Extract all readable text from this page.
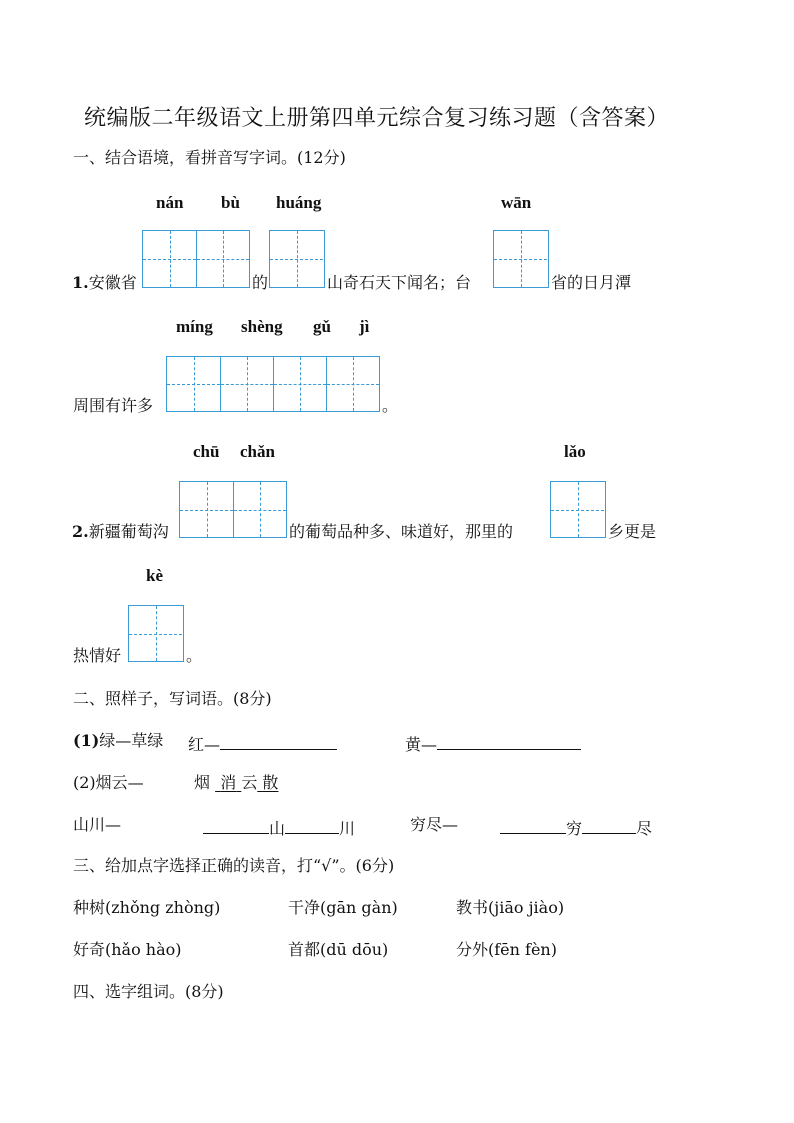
统编版二年级语文上册第四单元综合复习练习题（含答案）
一、结合语境，看拼音写字词。(12分)
nán bù huáng	wān
1.安徽省	的	山奇石天下闻名；台	省的日月潭
míng shèng gǔ jì
周围有许多	。
chū chǎn	lǎo
2.新疆葡萄沟	的葡萄品种多、味道好，那里的	乡更是
kè
热情好	。
二、照样子，写词语。(8分)
(1)绿—草绿 红—	黄—
(2)烟云—	烟 消 云 散
山川—	山	川	穷尽—	穷	尽
三、给加点字选择正确的读音，打“√”。(6分)
种树(zhǒng zhòng)	干净(gān gàn)	教书(jiāo jiào)
好奇(hǎo hào)	首都(dū dōu)	分外(fēn fèn)
四、选字组词。(8分)
